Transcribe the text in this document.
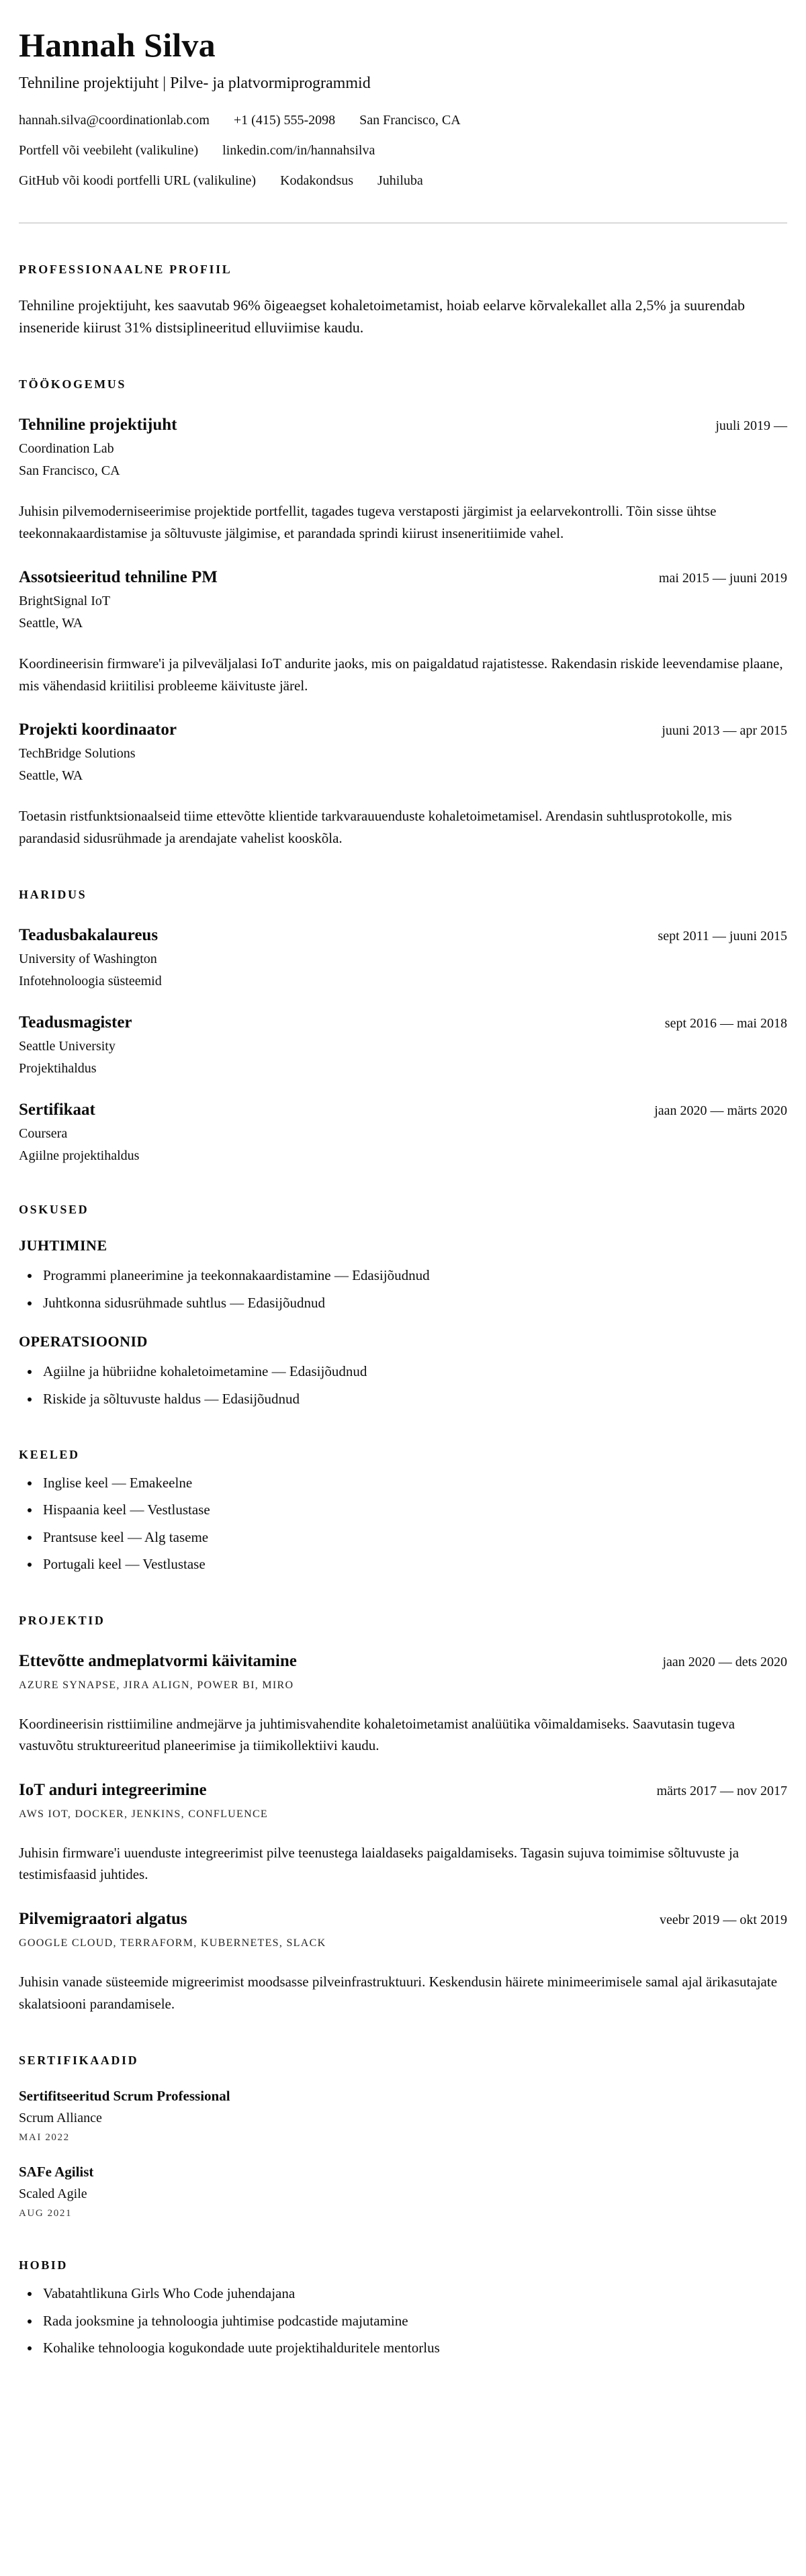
Hannah Silva
Tehniline projektijuht | Pilve- ja platvormiprogrammid
hannah.silva@coordinationlab.com +1 (415) 555-2098 San Francisco, CA
Portfell või veebileht (valikuline) linkedin.com/in/hannahsilva
GitHub või koodi portfelli URL (valikuline) Kodakondsus Juhiluba
PROFESSIONAALNE PROFIIL

Tehniline projektijuht, kes saavutab 96% õigeaegset kohaletoimetamist, hoiab eelarve kõrvalekallet alla 2,5% ja suurendab inseneride kiirust 31% distsiplineeritud elluviimise kaudu.

TÖÖKOGEMUS
Tehniline projektijuht	juuli 2019 —
Coordination Lab
San Francisco, CA

Juhisin pilvemoderniseerimise projektide portfellit, tagades tugeva verstaposti järgimist ja eelarvekontrolli. Tõin sisse ühtse teekonnakaardistamise ja sõltuvuste jälgimise, et parandada sprindi kiirust inseneritiimide vahel.

Assotsieeritud tehniline PM	mai 2015 — juuni 2019
BrightSignal IoT
Seattle, WA

Koordineerisin firmware'i ja pilveväljalasi IoT andurite jaoks, mis on paigaldatud rajatistesse. Rakendasin riskide leevendamise plaane, mis vähendasid kriitilisi probleeme käivituste järel.

Projekti koordinaator	juuni 2013 — apr 2015
TechBridge Solutions
Seattle, WA

Toetasin ristfunktsionaalseid tiime ettevõtte klientide tarkvarauuenduste kohaletoimetamisel. Arendasin suhtlusprotokolle, mis parandasid sidusrühmade ja arendajate vahelist kooskõla.

HARIDUS
Teadusbakalaureus	sept 2011 — juuni 2015
University of Washington
Infotehnoloogia süsteemid
Teadusmagister	sept 2016 — mai 2018
Seattle University
Projektihaldus
Sertifikaat	jaan 2020 — märts 2020
Coursera
Agiilne projektihaldus
OSKUSED
JUHTIMINE
• Programmi planeerimine ja teekonnakaardistamine — Edasijõudnud
• Juhtkonna sidusrühmade suhtlus — Edasijõudnud
OPERATSIOONID
• Agiilne ja hübriidne kohaletoimetamine — Edasijõudnud
• Riskide ja sõltuvuste haldus — Edasijõudnud
KEELED
• Inglise keel — Emakeelne
• Hispaania keel — Vestlustase
• Prantsuse keel — Alg taseme
• Portugali keel — Vestlustase
PROJEKTID
Ettevõtte andmeplatvormi käivitamine	jaan 2020 — dets 2020
AZURE SYNAPSE, JIRA ALIGN, POWER BI, MIRO

Koordineerisin risttiimiline andmejärve ja juhtimisvahendite kohaletoimetamist analüütika võimaldamiseks. Saavutasin tugeva vastuvõtu struktureeritud planeerimise ja tiimikollektiivi kaudu.

IoT anduri integreerimine	märts 2017 — nov 2017
AWS IOT, DOCKER, JENKINS, CONFLUENCE

Juhisin firmware'i uuenduste integreerimist pilve teenustega laialdaseks paigaldamiseks. Tagasin sujuva toimimise sõltuvuste ja testimisfaasid juhtides.

Pilvemigraatori algatus	veebr 2019 — okt 2019
GOOGLE CLOUD, TERRAFORM, KUBERNETES, SLACK

Juhisin vanade süsteemide migreerimist moodsasse pilveinfrastruktuuri. Keskendusin häirete minimeerimisele samal ajal ärikasutajate skalatsiooni parandamisele.

SERTIFIKAADID
Sertifitseeritud Scrum Professional
Scrum Alliance
MAI 2022
SAFe Agilist
Scaled Agile
AUG 2021
HOBID
• Vabatahtlikuna Girls Who Code juhendajana
• Rada jooksmine ja tehnoloogia juhtimise podcastide majutamine
• Kohalike tehnoloogia kogukondade uute projektihalduritele mentorlus
